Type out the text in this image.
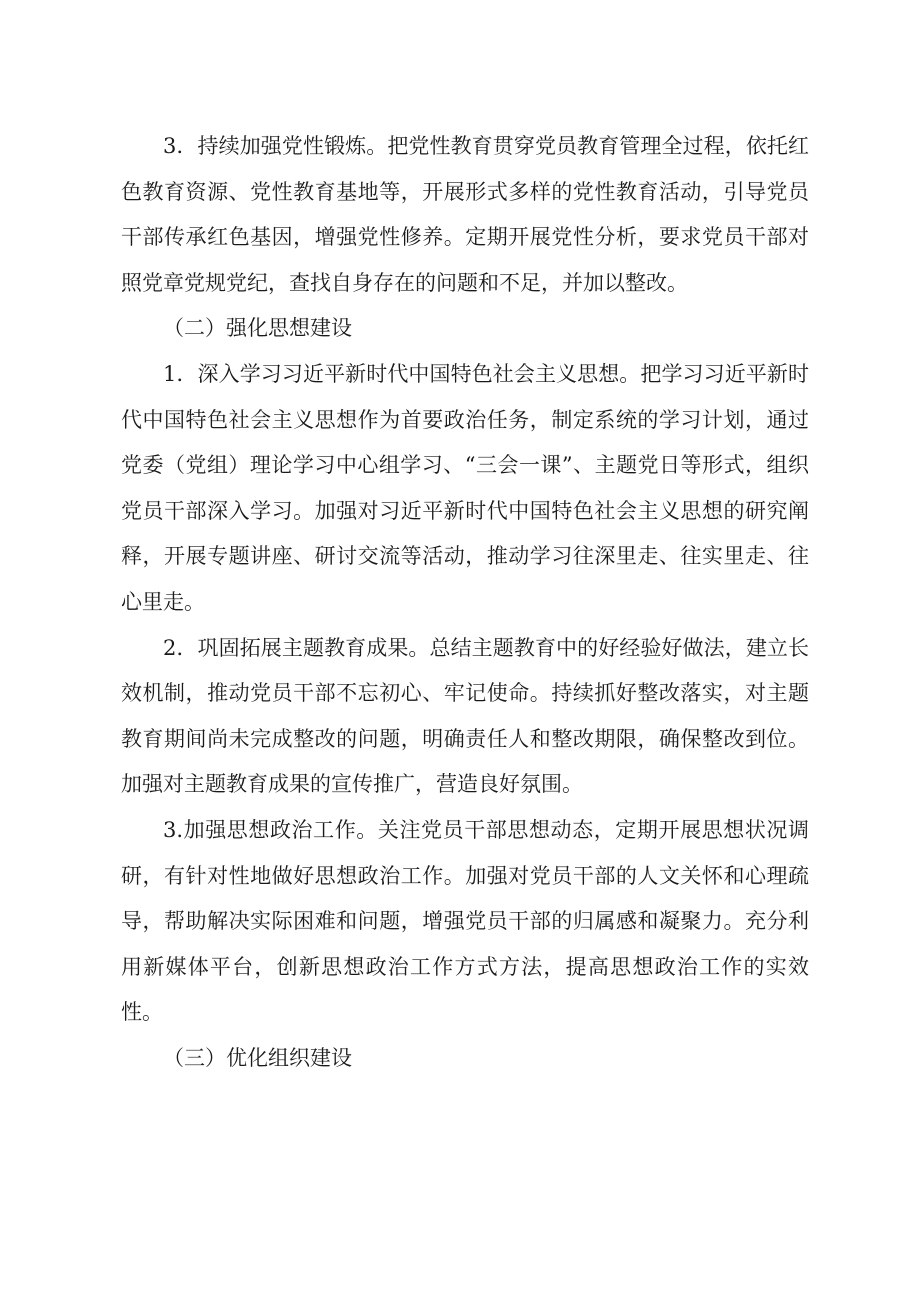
3．持续加强党性锻炼。把党性教育贯穿党员教育管理全过程，依托红色教育资源、党性教育基地等，开展形式多样的党性教育活动，引导党员干部传承红色基因，增强党性修养。定期开展党性分析，要求党员干部对照党章党规党纪，查找自身存在的问题和不足，并加以整改。

（二）强化思想建设

1．深入学习习近平新时代中国特色社会主义思想。把学习习近平新时代中国特色社会主义思想作为首要政治任务，制定系统的学习计划，通过党委（党组）理论学习中心组学习、“三会一课”、主题党日等形式，组织党员干部深入学习。加强对习近平新时代中国特色社会主义思想的研究阐释，开展专题讲座、研讨交流等活动，推动学习往深里走、往实里走、往心里走。

2．巩固拓展主题教育成果。总结主题教育中的好经验好做法，建立长效机制，推动党员干部不忘初心、牢记使命。持续抓好整改落实，对主题教育期间尚未完成整改的问题，明确责任人和整改期限，确保整改到位。加强对主题教育成果的宣传推广，营造良好氛围。

3.加强思想政治工作。关注党员干部思想动态，定期开展思想状况调研，有针对性地做好思想政治工作。加强对党员干部的人文关怀和心理疏导，帮助解决实际困难和问题，增强党员干部的归属感和凝聚力。充分利用新媒体平台，创新思想政治工作方式方法，提高思想政治工作的实效性。

（三）优化组织建设
